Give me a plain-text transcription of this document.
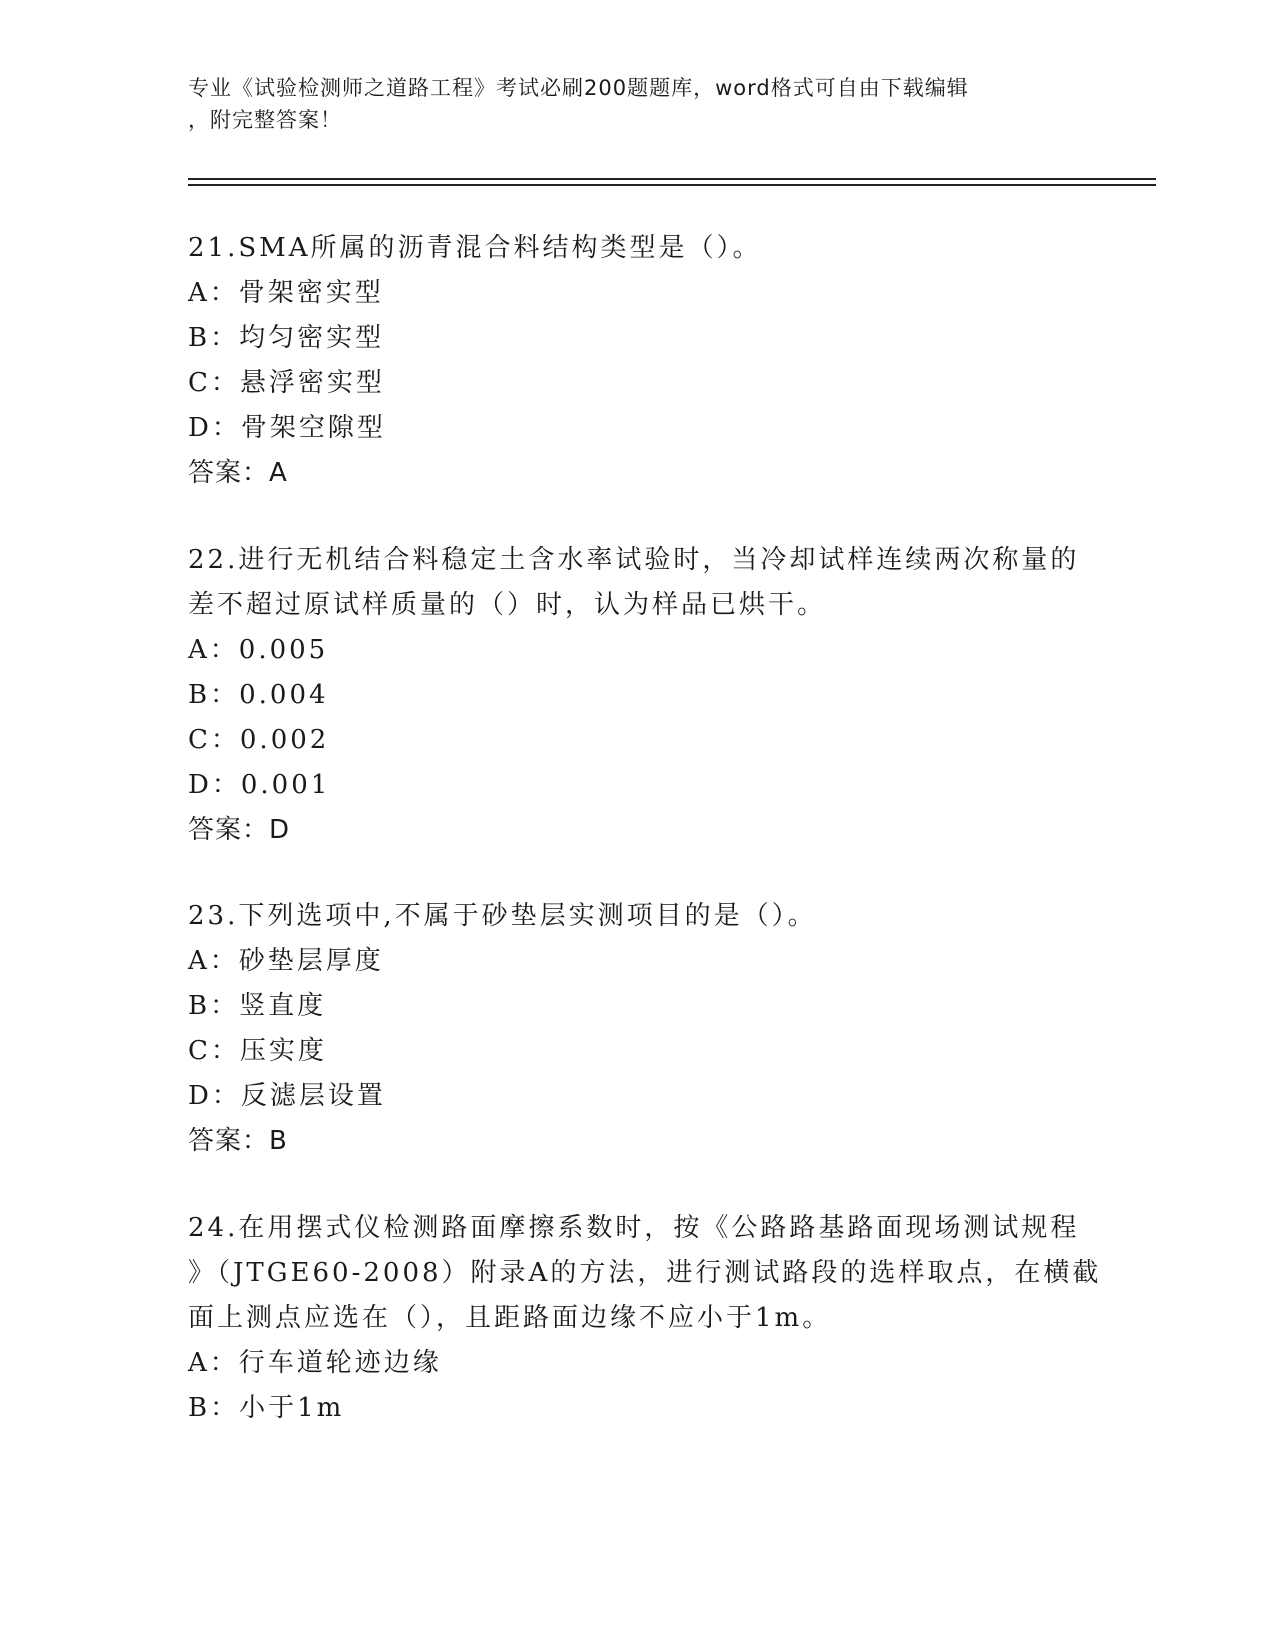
专业《试验检测师之道路工程》考试必刷200题题库，word格式可自由下载编辑
，附完整答案！
21.SMA所属的沥青混合料结构类型是（）。
A：骨架密实型
B：均匀密实型
C：悬浮密实型
D：骨架空隙型
答案：A
22.进行无机结合料稳定土含水率试验时，当冷却试样连续两次称量的
差不超过原试样质量的（）时，认为样品已烘干。
A：0.005
B：0.004
C：0.002
D：0.001
答案：D
23.下列选项中,不属于砂垫层实测项目的是（）。
A：砂垫层厚度
B：竖直度
C：压实度
D：反滤层设置
答案：B
24.在用摆式仪检测路面摩擦系数时，按《公路路基路面现场测试规程
》（JTGE60-2008）附录A的方法，进行测试路段的选样取点，在横截
面上测点应选在（），且距路面边缘不应小于1m。
A：行车道轮迹边缘
B：小于1m
